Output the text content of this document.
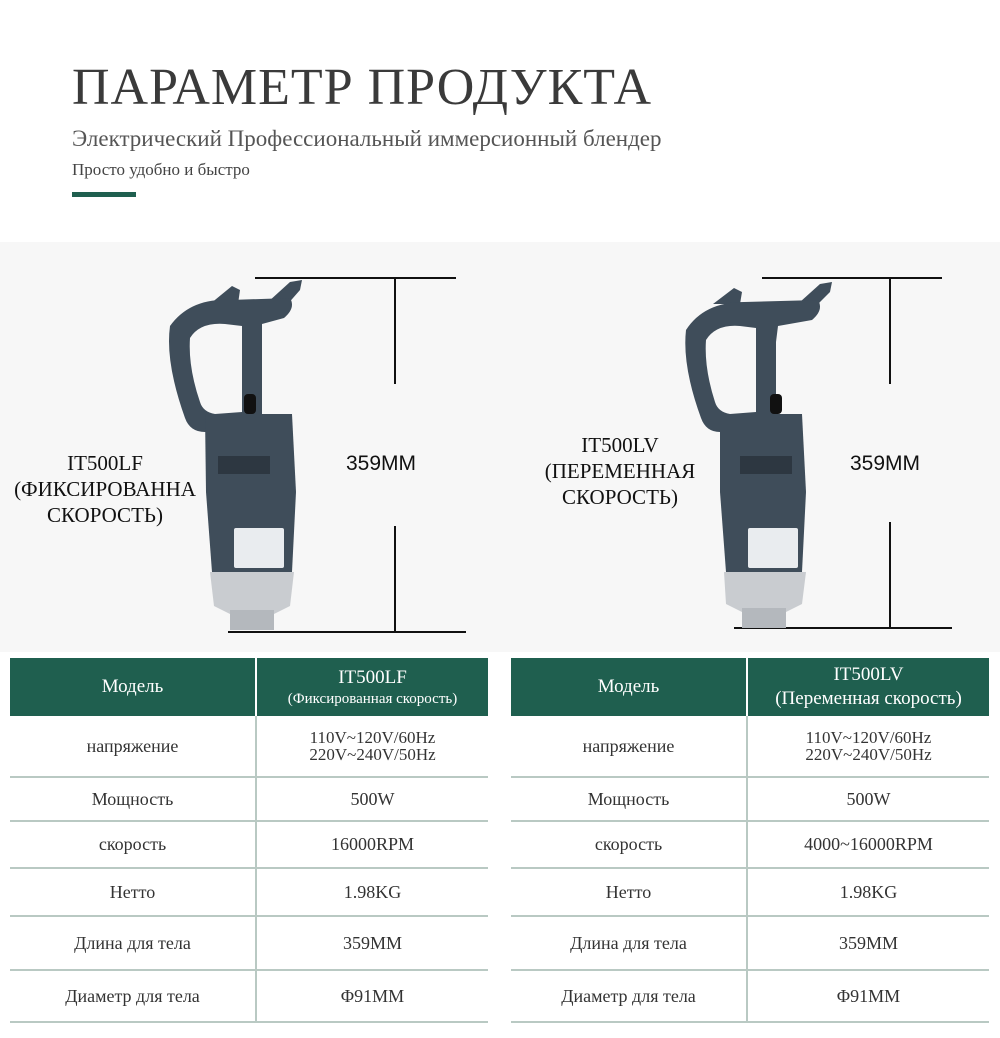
ПАРАМЕТР ПРОДУКТА
Электрический Профессиональный иммерсионный блендер
Просто удобно и быстро
IT500LF
(ФИКСИРОВАННА
СКОРОСТЬ)
359MM
IT500LV
(ПЕРЕМЕННАЯ
СКОРОСТЬ)
359MM
Модель	IT500LF
(Фиксированная скорость)

напряжение	110V~120V/60Hz
220V~240V/50Hz

Мощность	500W
скорость	16000RPM
Нетто	1.98KG
Длина для тела	359MM
Диаметр для тела	Φ91MM
Модель	IT500LV
(Переменная скорость)

напряжение	110V~120V/60Hz
220V~240V/50Hz

Мощность	500W
скорость	4000~16000RPM
Нетто	1.98KG
Длина для тела	359MM
Диаметр для тела	Φ91MM
